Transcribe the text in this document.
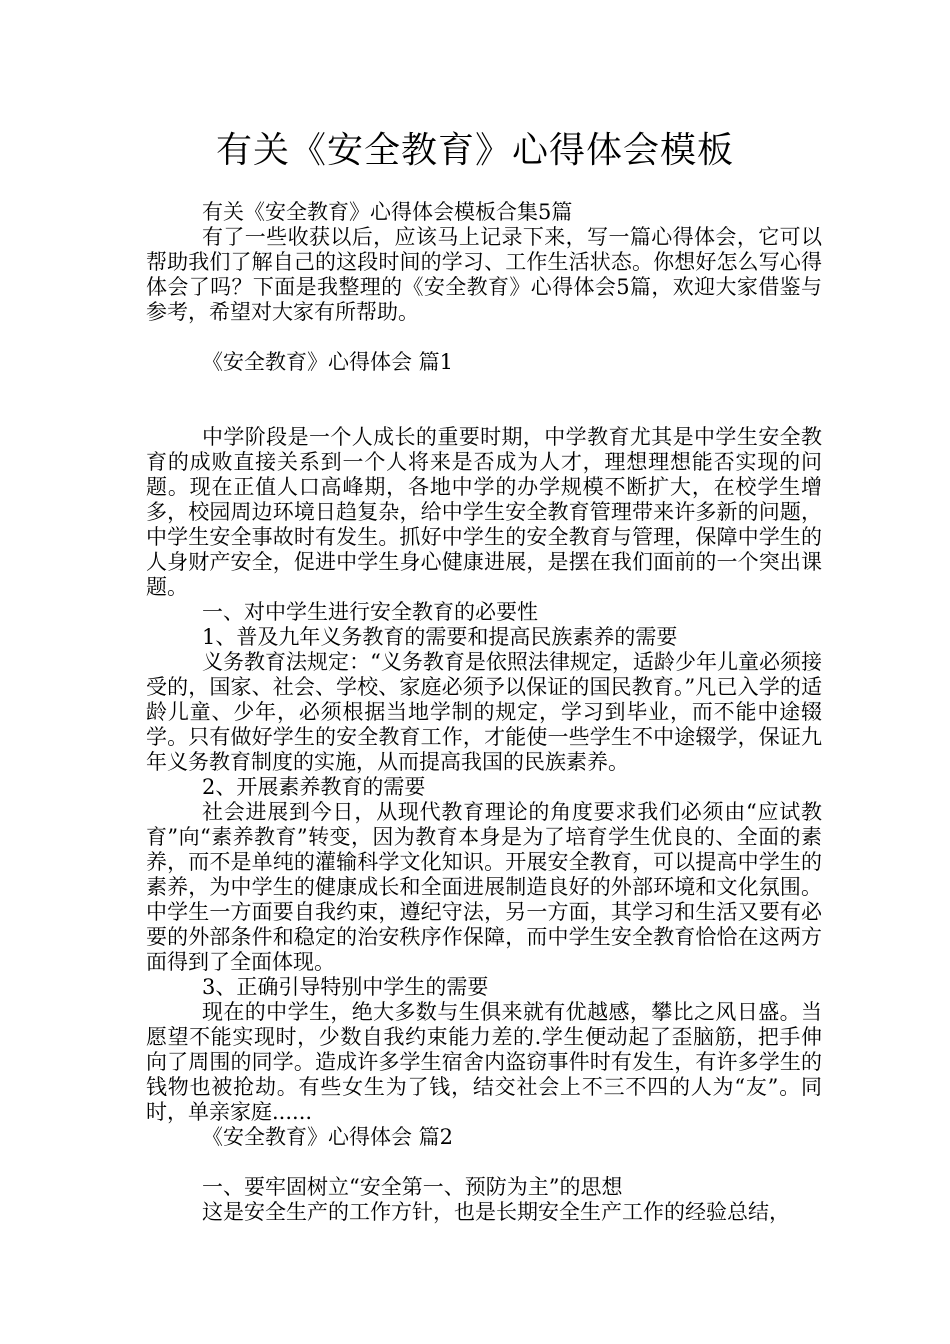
有关《安全教育》心得体会模板

有关《安全教育》心得体会模板合集5篇

有了一些收获以后，应该马上记录下来，写一篇心得体会，它可以帮助我们了解自己的这段时间的学习、工作生活状态。你想好怎么写心得体会了吗？下面是我整理的《安全教育》心得体会5篇，欢迎大家借鉴与参考，希望对大家有所帮助。

《安全教育》心得体会 篇1

中学阶段是一个人成长的重要时期，中学教育尤其是中学生安全教育的成败直接关系到一个人将来是否成为人才，理想理想能否实现的问题。现在正值人口高峰期，各地中学的办学规模不断扩大，在校学生增多，校园周边环境日趋复杂，给中学生安全教育管理带来许多新的问题，中学生安全事故时有发生。抓好中学生的安全教育与管理，保障中学生的人身财产安全，促进中学生身心健康进展，是摆在我们面前的一个突出课题。

一、对中学生进行安全教育的必要性

1、普及九年义务教育的需要和提高民族素养的需要

义务教育法规定：“义务教育是依照法律规定，适龄少年儿童必须接受的，国家、社会、学校、家庭必须予以保证的国民教育。”凡已入学的适龄儿童、少年，必须根据当地学制的规定，学习到毕业，而不能中途辍学。只有做好学生的安全教育工作，才能使一些学生不中途辍学，保证九年义务教育制度的实施，从而提高我国的民族素养。

2、开展素养教育的需要

社会进展到今日，从现代教育理论的角度要求我们必须由“应试教育”向“素养教育”转变，因为教育本身是为了培育学生优良的、全面的素养，而不是单纯的灌输科学文化知识。开展安全教育，可以提高中学生的素养，为中学生的健康成长和全面进展制造良好的外部环境和文化氛围。中学生一方面要自我约束，遵纪守法，另一方面，其学习和生活又要有必要的外部条件和稳定的治安秩序作保障，而中学生安全教育恰恰在这两方面得到了全面体现。

3、正确引导特别中学生的需要

现在的中学生，绝大多数与生俱来就有优越感，攀比之风日盛。当愿望不能实现时，少数自我约束能力差的.学生便动起了歪脑筋，把手伸向了周围的同学。造成许多学生宿舍内盗窃事件时有发生，有许多学生的钱物也被抢劫。有些女生为了钱，结交社会上不三不四的人为“友”。同时，单亲家庭......

《安全教育》心得体会 篇2

一、要牢固树立“安全第一、预防为主”的思想

这是安全生产的工作方针，也是长期安全生产工作的经验总结，
